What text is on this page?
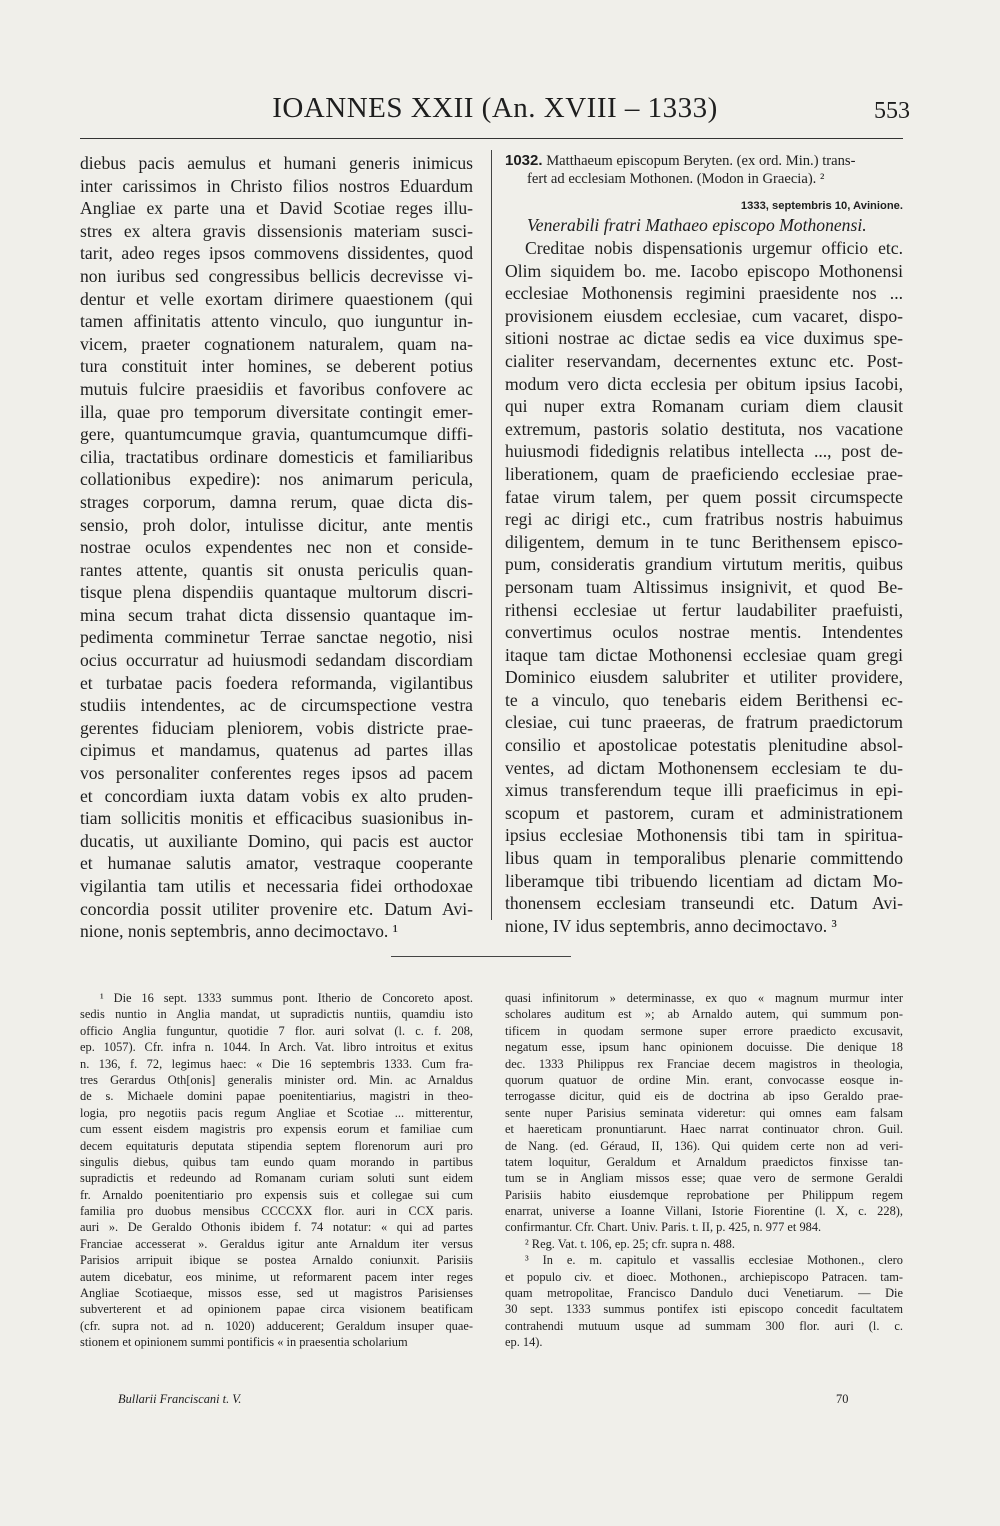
IOANNES XXII (An. XVIII – 1333)	553
diebus pacis aemulus et humani generis inimicus
inter carissimos in Christo filios nostros Eduardum
Angliae ex parte una et David Scotiae reges illu-
stres ex altera gravis dissensionis materiam susci-
tarit, adeo reges ipsos commovens dissidentes, quod
non iuribus sed congressibus bellicis decrevisse vi-
dentur et velle exortam dirimere quaestionem (qui
tamen affinitatis attento vinculo, quo iunguntur in-
vicem, praeter cognationem naturalem, quam na-
tura constituit inter homines, se deberent potius
mutuis fulcire praesidiis et favoribus confovere ac
illa, quae pro temporum diversitate contingit emer-
gere, quantumcumque gravia, quantumcumque diffi-
cilia, tractatibus ordinare domesticis et familiaribus
collationibus expedire): nos animarum pericula,
strages corporum, damna rerum, quae dicta dis-
sensio, proh dolor, intulisse dicitur, ante mentis
nostrae oculos expendentes nec non et conside-
rantes attente, quantis sit onusta periculis quan-
tisque plena dispendiis quantaque multorum discri-
mina secum trahat dicta dissensio quantaque im-
pedimenta comminetur Terrae sanctae negotio, nisi
ocius occurratur ad huiusmodi sedandam discordiam
et turbatae pacis foedera reformanda, vigilantibus
studiis intendentes, ac de circumspectione vestra
gerentes fiduciam pleniorem, vobis districte prae-
cipimus et mandamus, quatenus ad partes illas
vos personaliter conferentes reges ipsos ad pacem
et concordiam iuxta datam vobis ex alto pruden-
tiam sollicitis monitis et efficacibus suasionibus in-
ducatis, ut auxiliante Domino, qui pacis est auctor
et humanae salutis amator, vestraque cooperante
vigilantia tam utilis et necessaria fidei orthodoxae
concordia possit utiliter provenire etc. Datum Avi-
nione, nonis septembris, anno decimoctavo. ¹
1032. Matthaeum episcopum Beryten. (ex ord. Min.) trans-
fert ad ecclesiam Mothonen. (Modon in Graecia). ²
1333, septembris 10, Avinione.
Venerabili fratri Mathaeo episcopo Mothonensi.
Creditae nobis dispensationis urgemur officio etc.
Olim siquidem bo. me. Iacobo episcopo Mothonensi
ecclesiae Mothonensis regimini praesidente nos ...
provisionem eiusdem ecclesiae, cum vacaret, dispo-
sitioni nostrae ac dictae sedis ea vice duximus spe-
cialiter reservandam, decernentes extunc etc. Post-
modum vero dicta ecclesia per obitum ipsius Iacobi,
qui nuper extra Romanam curiam diem clausit
extremum, pastoris solatio destituta, nos vacatione
huiusmodi fidedignis relatibus intellecta ..., post de-
liberationem, quam de praeficiendo ecclesiae prae-
fatae virum talem, per quem possit circumspecte
regi ac dirigi etc., cum fratribus nostris habuimus
diligentem, demum in te tunc Berithensem episco-
pum, consideratis grandium virtutum meritis, quibus
personam tuam Altissimus insignivit, et quod Be-
rithensi ecclesiae ut fertur laudabiliter praefuisti,
convertimus oculos nostrae mentis. Intendentes
itaque tam dictae Mothonensi ecclesiae quam gregi
Dominico eiusdem salubriter et utiliter providere,
te a vinculo, quo tenebaris eidem Berithensi ec-
clesiae, cui tunc praeeras, de fratrum praedictorum
consilio et apostolicae potestatis plenitudine absol-
ventes, ad dictam Mothonensem ecclesiam te du-
ximus transferendum teque illi praeficimus in epi-
scopum et pastorem, curam et administrationem
ipsius ecclesiae Mothonensis tibi tam in spiritua-
libus quam in temporalibus plenarie committendo
liberamque tibi tribuendo licentiam ad dictam Mo-
thonensem ecclesiam transeundi etc. Datum Avi-
nione, IV idus septembris, anno decimoctavo. ³
¹ Die 16 sept. 1333 summus pont. Itherio de Concoreto apost.
sedis nuntio in Anglia mandat, ut supradictis nuntiis, quamdiu isto
officio Anglia funguntur, quotidie 7 flor. auri solvat (l. c. f. 208,
ep. 1057). Cfr. infra n. 1044. In Arch. Vat. libro introitus et exitus
n. 136, f. 72, legimus haec: « Die 16 septembris 1333. Cum fra-
tres Gerardus Oth[onis] generalis minister ord. Min. ac Arnaldus
de s. Michaele domini papae poenitentiarius, magistri in theo-
logia, pro negotiis pacis regum Angliae et Scotiae ... mitterentur,
cum essent eisdem magistris pro expensis eorum et familiae cum
decem equitaturis deputata stipendia septem florenorum auri pro
singulis diebus, quibus tam eundo quam morando in partibus
supradictis et redeundo ad Romanam curiam soluti sunt eidem
fr. Arnaldo poenitentiario pro expensis suis et collegae sui cum
familia pro duobus mensibus CCCCXX flor. auri in CCX paris.
auri ». De Geraldo Othonis ibidem f. 74 notatur: « qui ad partes
Franciae accesserat ». Geraldus igitur ante Arnaldum iter versus
Parisios arripuit ibique se postea Arnaldo coniunxit. Parisiis
autem dicebatur, eos minime, ut reformarent pacem inter reges
Angliae Scotiaeque, missos esse, sed ut magistros Parisienses
subverterent et ad opinionem papae circa visionem beatificam
(cfr. supra not. ad n. 1020) adducerent; Geraldum insuper quae-
stionem et opinionem summi pontificis « in praesentia scholarium
quasi infinitorum » determinasse, ex quo « magnum murmur inter
scholares auditum est »; ab Arnaldo autem, qui summum pon-
tificem in quodam sermone super errore praedicto excusavit,
negatum esse, ipsum hanc opinionem docuisse. Die denique 18
dec. 1333 Philippus rex Franciae decem magistros in theologia,
quorum quatuor de ordine Min. erant, convocasse eosque in-
terrogasse dicitur, quid eis de doctrina ab ipso Geraldo prae-
sente nuper Parisius seminata videretur: qui omnes eam falsam
et haereticam pronuntiarunt. Haec narrat continuator chron. Guil.
de Nang. (ed. Géraud, II, 136). Qui quidem certe non ad veri-
tatem loquitur, Geraldum et Arnaldum praedictos finxisse tan-
tum se in Angliam missos esse; quae vero de sermone Geraldi
Parisiis habito eiusdemque reprobatione per Philippum regem
enarrat, universe a Ioanne Villani, Istorie Fiorentine (l. X, c. 228),
confirmantur. Cfr. Chart. Univ. Paris. t. II, p. 425, n. 977 et 984.
² Reg. Vat. t. 106, ep. 25; cfr. supra n. 488.
³ In e. m. capitulo et vassallis ecclesiae Mothonen., clero
et populo civ. et dioec. Mothonen., archiepiscopo Patracen. tam-
quam metropolitae, Francisco Dandulo duci Venetiarum. — Die
30 sept. 1333 summus pontifex isti episcopo concedit facultatem
contrahendi mutuum usque ad summam 300 flor. auri (l. c.
ep. 14).
Bullarii Franciscani t. V.	70
